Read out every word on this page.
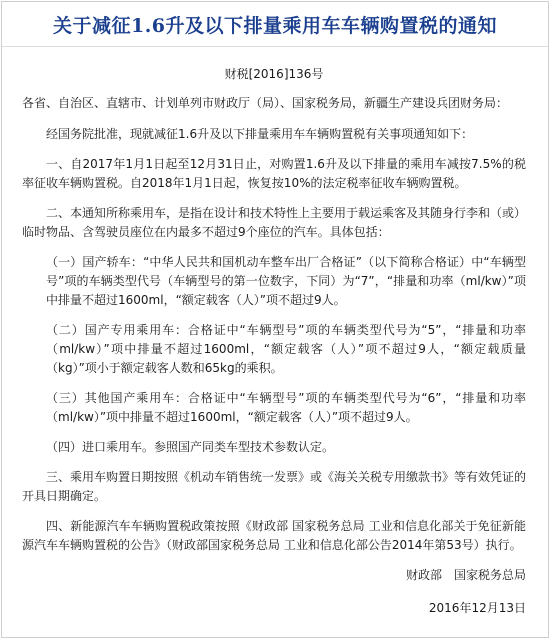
关于减征1.6升及以下排量乘用车车辆购置税的通知
财税[2016]136号

各省、自治区、直辖市、计划单列市财政厅（局）、国家税务局，新疆生产建设兵团财务局：

经国务院批准，现就减征1.6升及以下排量乘用车车辆购置税有关事项通知如下：

一、自2017年1月1日起至12月31日止，对购置1.6升及以下排量的乘用车减按7.5%的税率征收车辆购置税。自2018年1月1日起，恢复按10%的法定税率征收车辆购置税。

二、本通知所称乘用车，是指在设计和技术特性上主要用于载运乘客及其随身行李和（或）临时物品、含驾驶员座位在内最多不超过9个座位的汽车。具体包括：

（一）国产轿车：“中华人民共和国机动车整车出厂合格证”（以下简称合格证）中“车辆型号”项的车辆类型代号（车辆型号的第一位数字，下同）为“7”，“排量和功率（ml/kw）”项中排量不超过1600ml，“额定载客（人）”项不超过9人。

（二）国产专用乘用车：合格证中“车辆型号”项的车辆类型代号为“5”，“排量和功率（ml/kw）”项中排量不超过1600ml，“额定载客（人）”项不超过9人，“额定载质量（kg）”项小于额定载客人数和65kg的乘积。

（三）其他国产乘用车：合格证中“车辆型号”项的车辆类型代号为“6”，“排量和功率（ml/kw）”项中排量不超过1600ml，“额定载客（人）”项不超过9人。

（四）进口乘用车。参照国产同类车型技术参数认定。

三、乘用车购置日期按照《机动车销售统一发票》或《海关关税专用缴款书》等有效凭证的开具日期确定。

四、新能源汽车车辆购置税政策按照《财政部 国家税务总局 工业和信息化部关于免征新能源汽车车辆购置税的公告》（财政部国家税务总局 工业和信息化部公告2014年第53号）执行。

财政部　国家税务总局
2016年12月13日
